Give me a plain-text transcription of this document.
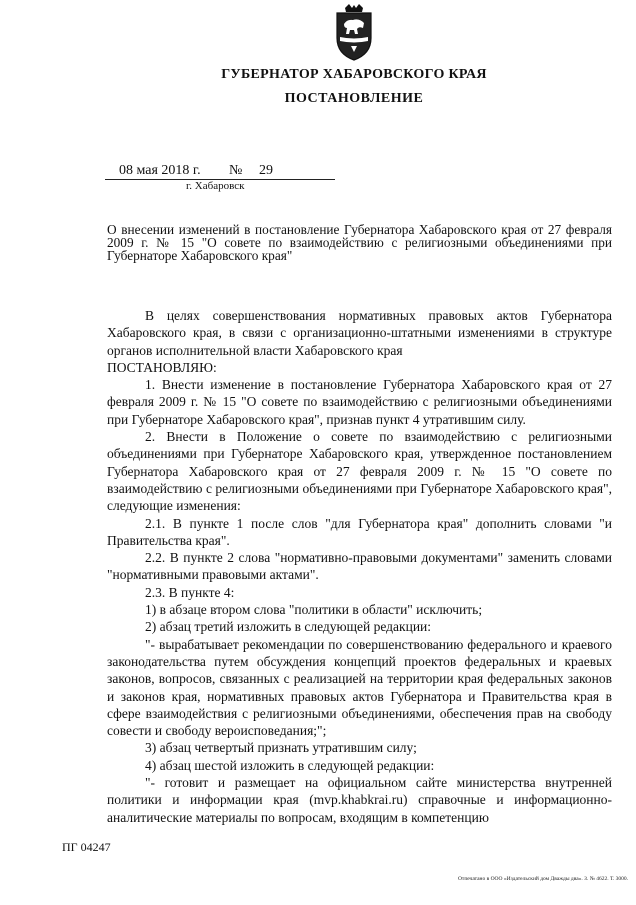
ГУБЕРНАТОР ХАБАРОВСКОГО КРАЯ
ПОСТАНОВЛЕНИЕ
08 мая 2018 г. № 29
г. Хабаровск
О внесении изменений в постановление Губернатора Хабаровского края от 27 февраля 2009 г. № 15 "О совете по взаимодействию с религиозными объединениями при Губернаторе Хабаровского края"

В целях совершенствования нормативных правовых актов Губернатора Хабаровского края, в связи с организационно-штатными изменениями в структуре органов исполнительной власти Хабаровского края

ПОСТАНОВЛЯЮ:

1. Внести изменение в постановление Губернатора Хабаровского края от 27 февраля 2009 г. № 15 "О совете по взаимодействию с религиозными объединениями при Губернаторе Хабаровского края", признав пункт 4 утратившим силу.

2. Внести в Положение о совете по взаимодействию с религиозными объединениями при Губернаторе Хабаровского края, утвержденное постановлением Губернатора Хабаровского края от 27 февраля 2009 г. № 15 "О совете по взаимодействию с религиозными объединениями при Губернаторе Хабаровского края", следующие изменения:

2.1. В пункте 1 после слов "для Губернатора края" дополнить словами "и Правительства края".

2.2. В пункте 2 слова "нормативно-правовыми документами" заменить словами "нормативными правовыми актами".

2.3. В пункте 4:

1) в абзаце втором слова "политики в области" исключить;

2) абзац третий изложить в следующей редакции:

"- вырабатывает рекомендации по совершенствованию федерального и краевого законодательства путем обсуждения концепций проектов федеральных и краевых законов, вопросов, связанных с реализацией на территории края федеральных законов и законов края, нормативных правовых актов Губернатора и Правительства края в сфере взаимодействия с религиозными объединениями, обеспечения прав на свободу совести и свободу вероисповедания;";

3) абзац четвертый признать утратившим силу;

4) абзац шестой изложить в следующей редакции:

"- готовит и размещает на официальном сайте министерства внутренней политики и информации края (mvp.khabkrai.ru) справочные и информационно-аналитические материалы по вопросам, входящим в компетенцию

ПГ 04247
Отпечатано в ООО «Издательский дом Дважды два». З. № 4622. Т. 3000.
